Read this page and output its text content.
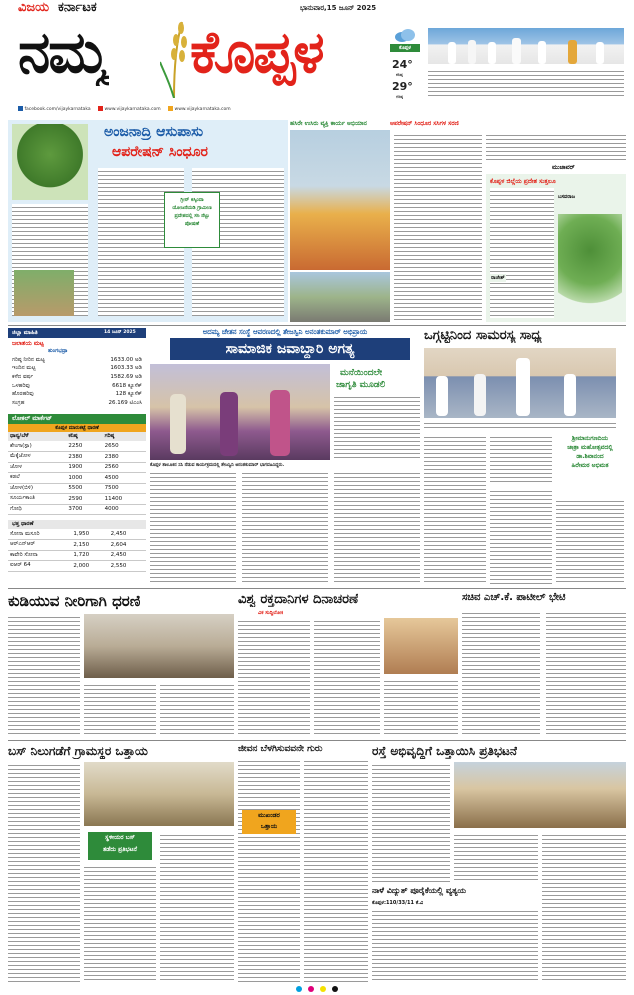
ವಿಜಯ ಕರ್ನಾಟಕ
ನಮ್ಮ ಕೊಪ್ಪಳ
ಭಾನುವಾರ,15 ಜೂನ್ 2025
ಕೊಪ್ಪಳ
24°
ಕನಿಷ್ಠ
29°
ಗರಿಷ್ಠ
facebook.com/vijaykarnataka	www.vijaykarnataka.com	www.vijaykarnataka.com
ಅಂಜನಾದ್ರಿ ಆಸುಪಾಸು
ಆಪರೇಷನ್ ಸಿಂಧೂರ
ಗ್ರೀನ್ ಕಿಸ್ಕಿಂದಾ ಯೋಜನೆಯಡಿ ಗ್ರಾಮೀಣ ಪ್ರದೇಶದಲ್ಲಿ ಸಸಿ ನೆಟ್ಟು ಪೋಷಣೆ
ಹಸಿರೇ ಉಸಿರು ವ್ಯಕ್ತಿ ಕಾರ್ಯ ಅಭಿಯಾನ	ಆಪರೇಷನ್ ಸಿಂಧೂರ ಸಸಿಗಳ ಸರಣಿ
ಮುಜಾವರ್
ಕೊಪ್ಪಳ ಜಿಲ್ಲೆಯ ಪ್ರದೇಶ ಸುತ್ತಲೂ
ರಾಜೇಶ್
ಬಸವರಾಜ
ಜಿಲ್ಲಾ ಮಾಹಿತಿ	14 ಜೂನ್ 2025
ಜಲಾಶಯ ಮಟ್ಟ
ತುಂಗಭದ್ರಾ
ಗರಿಷ್ಠ ನೀರಿನ ಮಟ್ಟ	1633.00 ಅಡಿ
ಇಂದಿನ ಮಟ್ಟ	1603.33 ಅಡಿ
ಕಳೆದ ವರ್ಷ	1582.69 ಅಡಿ
ಒಳಹರಿವು	6618 ಕ್ಯೂಸೆಕ್
ಹೊರಹರಿವು	128 ಕ್ಯೂಸೆಕ್
ಸಂಗ್ರಹ	26.169 ಟಿಎಂಸಿ
ಲೋಕಲ್ ಮಾರ್ಕೆಟ್
ಕೊಪ್ಪಳ ಮಾರುಕಟ್ಟೆ ಧಾರಣೆ
ಧಾನ್ಯ/ಬೆಳೆ	ಕನಿಷ್ಠ	ಗರಿಷ್ಠ
ಶೇಂಗಾ(ಸ್ಪಾ)	2250	2650
ಮೆಕ್ಕೆಜೋಳ	2380	2380
ಜೋಳ	1900	2560
ಕಡಲೆ	1000	4500
ಜೋಳ(ಬಿಳಿ)	5500	7500
ಸೂರ್ಯಕಾಂತಿ	2590	11400
ಗೋಧಿ	3700	4000
ಭತ್ತ ಧಾರಣೆ
ಸೋನಾ ಮಸೂರಿ	1,950	2,450
ಆರ್‌ಎನ್‌ಆರ್	2,150	2,604
ಕಾವೇರಿ ಸೋನಾ	1,720	2,450
ಐಆರ್‌ 64	2,000	2,550
ಅದಮ್ಯ ಚೇತನ ಸಂಸ್ಥೆ ಆವರಣದಲ್ಲಿ ತೇಜಸ್ವಿನಿ ಅನಂತಕುಮಾರ್ ಅಭಿಪ್ರಾಯ
ಸಾಮಾಜಿಕ ಜವಾಬ್ದಾರಿ ಅಗತ್ಯ
ಮನೆಯಿಂದಲೇ
ಜಾಗೃತಿ ಮೂಡಲಿ
ಕೊಪ್ಪಳ ತಾಲೂಕಿನ ಸಸಿ ನೆಡುವ ಕಾರ್ಯಕ್ರಮದಲ್ಲಿ ತೇಜಸ್ವಿನಿ ಅನಂತಕುಮಾರ್ ಭಾಗವಹಿಸಿದ್ದರು.
ಒಗ್ಗಟ್ಟಿನಿಂದ ಸಾಮರಸ್ಯ ಸಾಧ್ಯ
ಶ್ರೀಮಾನುಗಣದಿಯ
ಜಾತ್ರಾ ಮಹೋತ್ಸವದಲ್ಲಿ
ಡಾ.ಶಿವಾನಂದ
ಹಿರೇಮಠ ಅಭಿಮತ
ಕುಡಿಯುವ ನೀರಿಗಾಗಿ ಧರಣಿ	ವಿಶ್ವ ರಕ್ತದಾನಿಗಳ ದಿನಾಚರಣೆ
ವಿಕ ಸುದ್ದಿಲೋಕ
ಸಚಿವ ಎಚ್.ಕೆ. ಪಾಟೀಲ್ ಭೇಟಿ
ಬಸ್ ನಿಲುಗಡೆಗೆ ಗ್ರಾಮಸ್ಥರ ಒತ್ತಾಯ
ಸ್ಥಳೀಯರ ಬಸ್
ತಡೆದು ಪ್ರತಿಭಟನೆ
ಜೀವನ ಬೆಳಗಿಸುವವನೇ ಗುರು
ಮುಖಂಡರ
ಒತ್ತಾಯ
ರಸ್ತೆ ಅಭಿವೃದ್ಧಿಗೆ ಒತ್ತಾಯಿಸಿ ಪ್ರತಿಭಟನೆ
ನಾಳೆ ವಿದ್ಯುತ್ ಪೂರೈಕೆಯಲ್ಲಿ ವ್ಯತ್ಯಯ
ಕೊಪ್ಪಳ:110/33/11 ಕೆ.ವಿ
